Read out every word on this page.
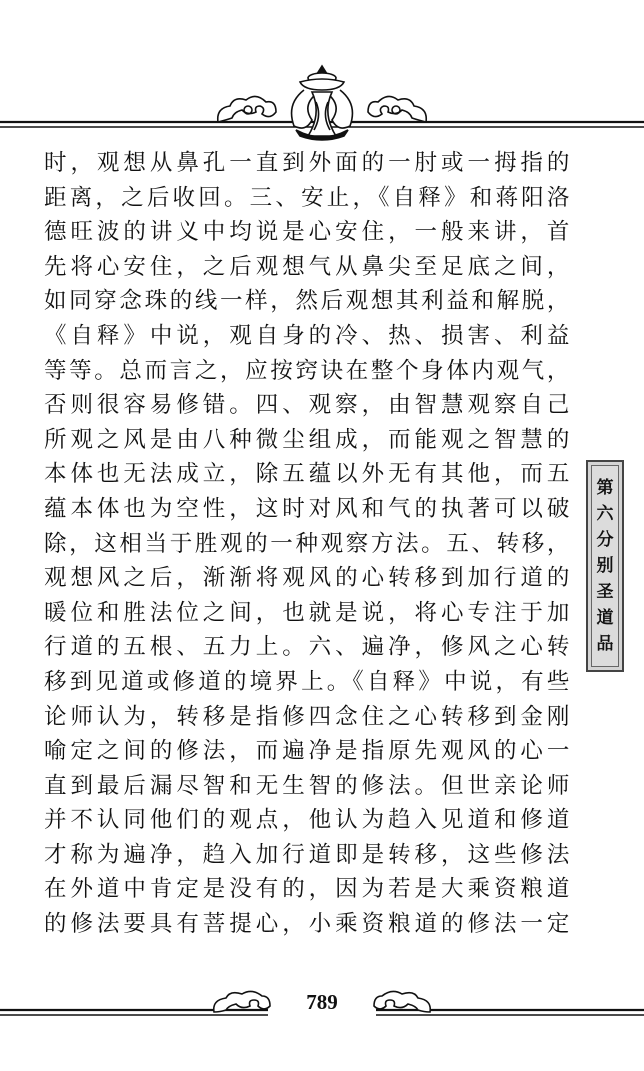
时，观想从鼻孔一直到外面的一肘或一拇指的
距离，之后收回。三、安止，《自释》和蒋阳洛
德旺波的讲义中均说是心安住，一般来讲，首
先将心安住，之后观想气从鼻尖至足底之间，
如同穿念珠的线一样，然后观想其利益和解脱，
《自释》中说，观自身的冷、热、损害、利益
等等。总而言之，应按窍诀在整个身体内观气，
否则很容易修错。四、观察，由智慧观察自己
所观之风是由八种微尘组成，而能观之智慧的
本体也无法成立，除五蕴以外无有其他，而五
蕴本体也为空性，这时对风和气的执著可以破
除，这相当于胜观的一种观察方法。五、转移，
观想风之后，渐渐将观风的心转移到加行道的
暖位和胜法位之间，也就是说，将心专注于加
行道的五根、五力上。六、遍净，修风之心转
移到见道或修道的境界上。《自释》中说，有些
论师认为，转移是指修四念住之心转移到金刚
喻定之间的修法，而遍净是指原先观风的心一
直到最后漏尽智和无生智的修法。但世亲论师
并不认同他们的观点，他认为趋入见道和修道
才称为遍净，趋入加行道即是转移，这些修法
在外道中肯定是没有的，因为若是大乘资粮道
的修法要具有菩提心，小乘资粮道的修法一定
第
六
分
别
圣
道
品
789
